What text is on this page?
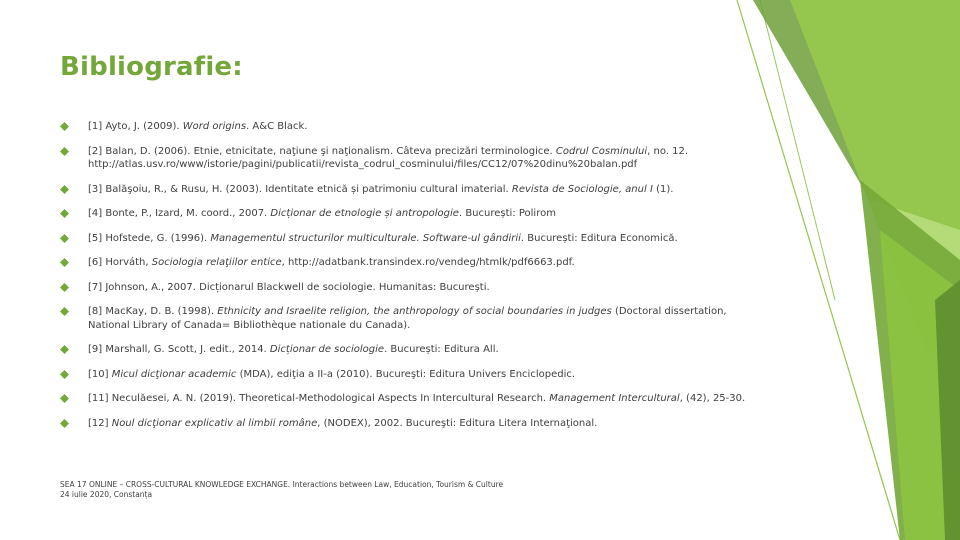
Bibliografie:
[1] Ayto, J. (2009). Word origins. A&C Black.
[2] Balan, D. (2006). Etnie, etnicitate, naţiune şi naţionalism. Câteva precizări terminologice. Codrul Cosminului, no. 12. http://atlas.usv.ro/www/istorie/pagini/publicatii/revista_codrul_cosminului/files/CC12/07%20dinu%20balan.pdf
[3] Balăşoiu, R., & Rusu, H. (2003). Identitate etnică și patrimoniu cultural imaterial. Revista de Sociologie, anul I (1).
[4] Bonte, P., Izard, M. coord., 2007. Dicționar de etnologie și antropologie. București: Polirom
[5] Hofstede, G. (1996). Managementul structurilor multiculturale. Software-ul gândirii. București: Editura Economică.
[6] Horváth, Sociologia relaţiilor entice, http://adatbank.transindex.ro/vendeg/htmlk/pdf6663.pdf.
[7] Johnson, A., 2007. Dicționarul Blackwell de sociologie. Humanitas: București.
[8] MacKay, D. B. (1998). Ethnicity and Israelite religion, the anthropology of social boundaries in judges (Doctoral dissertation, National Library of Canada= Bibliothèque nationale du Canada).
[9] Marshall, G. Scott, J. edit., 2014. Dicționar de sociologie. București: Editura All.
[10] Micul dicţionar academic (MDA), ediţia a II-a (2010). Bucureşti: Editura Univers Enciclopedic.
[11] Neculăesei, A. N. (2019). Theoretical-Methodological Aspects In Intercultural Research. Management Intercultural, (42), 25-30.
[12] Noul dicţionar explicativ al limbii române, (NODEX), 2002. Bucureşti: Editura Litera Internaţional.
SEA 17 ONLINE – CROSS-CULTURAL KNOWLEDGE EXCHANGE. Interactions between Law, Education, Tourism & Culture
24 iulie 2020, Constanța
